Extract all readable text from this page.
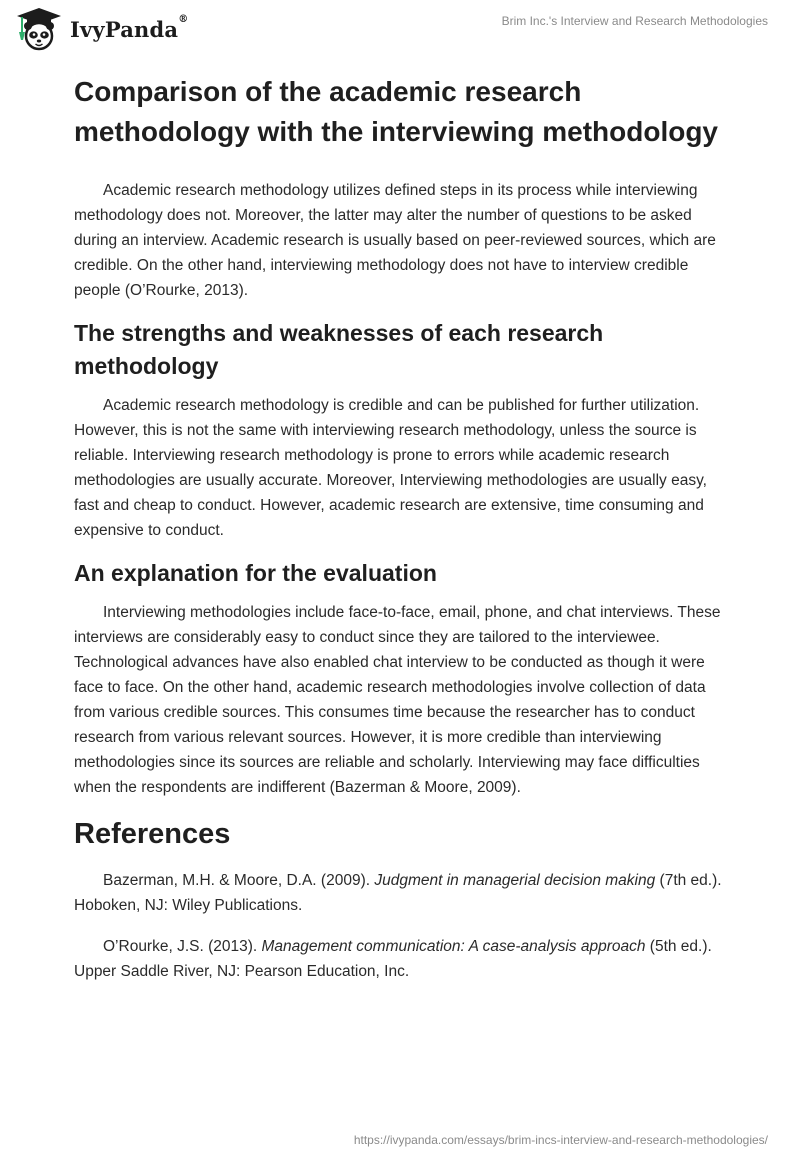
IvyPanda®	Brim Inc.'s Interview and Research Methodologies
Comparison of the academic research methodology with the interviewing methodology

Academic research methodology utilizes defined steps in its process while interviewing methodology does not. Moreover, the latter may alter the number of questions to be asked during an interview. Academic research is usually based on peer-reviewed sources, which are credible. On the other hand, interviewing methodology does not have to interview credible people (O’Rourke, 2013).

The strengths and weaknesses of each research methodology

Academic research methodology is credible and can be published for further utilization. However, this is not the same with interviewing research methodology, unless the source is reliable. Interviewing research methodology is prone to errors while academic research methodologies are usually accurate. Moreover, Interviewing methodologies are usually easy, fast and cheap to conduct. However, academic research are extensive, time consuming and expensive to conduct.

An explanation for the evaluation

Interviewing methodologies include face-to-face, email, phone, and chat interviews. These interviews are considerably easy to conduct since they are tailored to the interviewee. Technological advances have also enabled chat interview to be conducted as though it were face to face. On the other hand, academic research methodologies involve collection of data from various credible sources. This consumes time because the researcher has to conduct research from various relevant sources. However, it is more credible than interviewing methodologies since its sources are reliable and scholarly. Interviewing may face difficulties when the respondents are indifferent (Bazerman & Moore, 2009).

References

Bazerman, M.H. & Moore, D.A. (2009). Judgment in managerial decision making (7th ed.). Hoboken, NJ: Wiley Publications.

O’Rourke, J.S. (2013). Management communication: A case-analysis approach (5th ed.). Upper Saddle River, NJ: Pearson Education, Inc.

https://ivypanda.com/essays/brim-incs-interview-and-research-methodologies/
